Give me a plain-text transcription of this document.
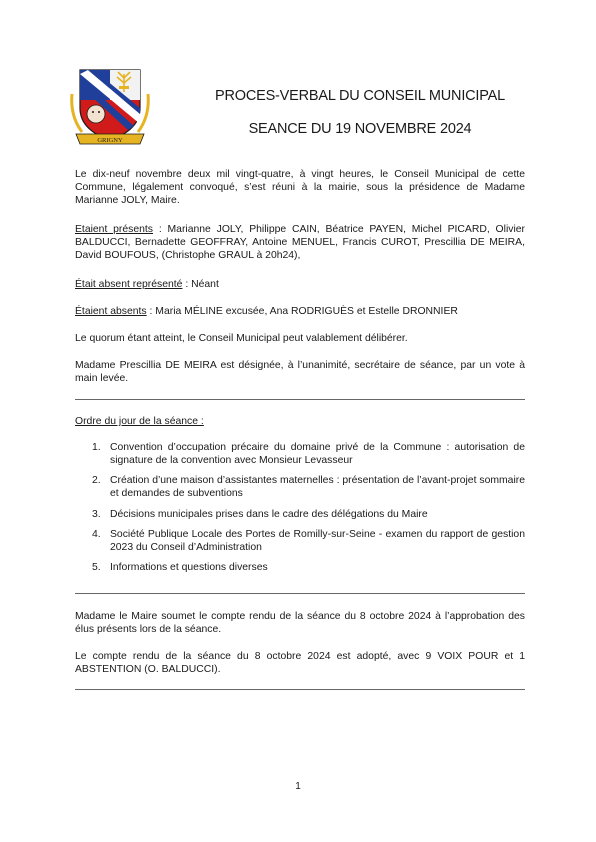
GRIGNY
PROCES-VERBAL DU CONSEIL MUNICIPAL
SEANCE DU 19 NOVEMBRE 2024

Le dix-neuf novembre deux mil vingt-quatre, à vingt heures, le Conseil Municipal de cette Commune, légalement convoqué, s’est réuni à la mairie, sous la présidence de Madame Marianne JOLY, Maire.

Etaient présents : Marianne JOLY, Philippe CAIN, Béatrice PAYEN, Michel PICARD, Olivier BALDUCCI, Bernadette GEOFFRAY, Antoine MENUEL, Francis CUROT, Prescillia DE MEIRA, David BOUFOUS, (Christophe GRAUL à 20h24),

Était absent représenté : Néant

Étaient absents : Maria MÉLINE excusée, Ana RODRIGUÈS et Estelle DRONNIER

Le quorum étant atteint, le Conseil Municipal peut valablement délibérer.

Madame Prescillia DE MEIRA est désignée, à l’unanimité, secrétaire de séance, par un vote à main levée.

Ordre du jour de la séance :
1. Convention d’occupation précaire du domaine privé de la Commune : autorisation de signature de la convention avec Monsieur Levasseur
2. Création d’une maison d’assistantes maternelles : présentation de l’avant-projet sommaire et demandes de subventions
3. Décisions municipales prises dans le cadre des délégations du Maire
4. Société Publique Locale des Portes de Romilly-sur-Seine - examen du rapport de gestion 2023 du Conseil d’Administration
5. Informations et questions diverses

Madame le Maire soumet le compte rendu de la séance du 8 octobre 2024 à l’approbation des élus présents lors de la séance.

Le compte rendu de la séance du 8 octobre 2024 est adopté, avec 9 VOIX POUR et 1 ABSTENTION (O. BALDUCCI).

1
